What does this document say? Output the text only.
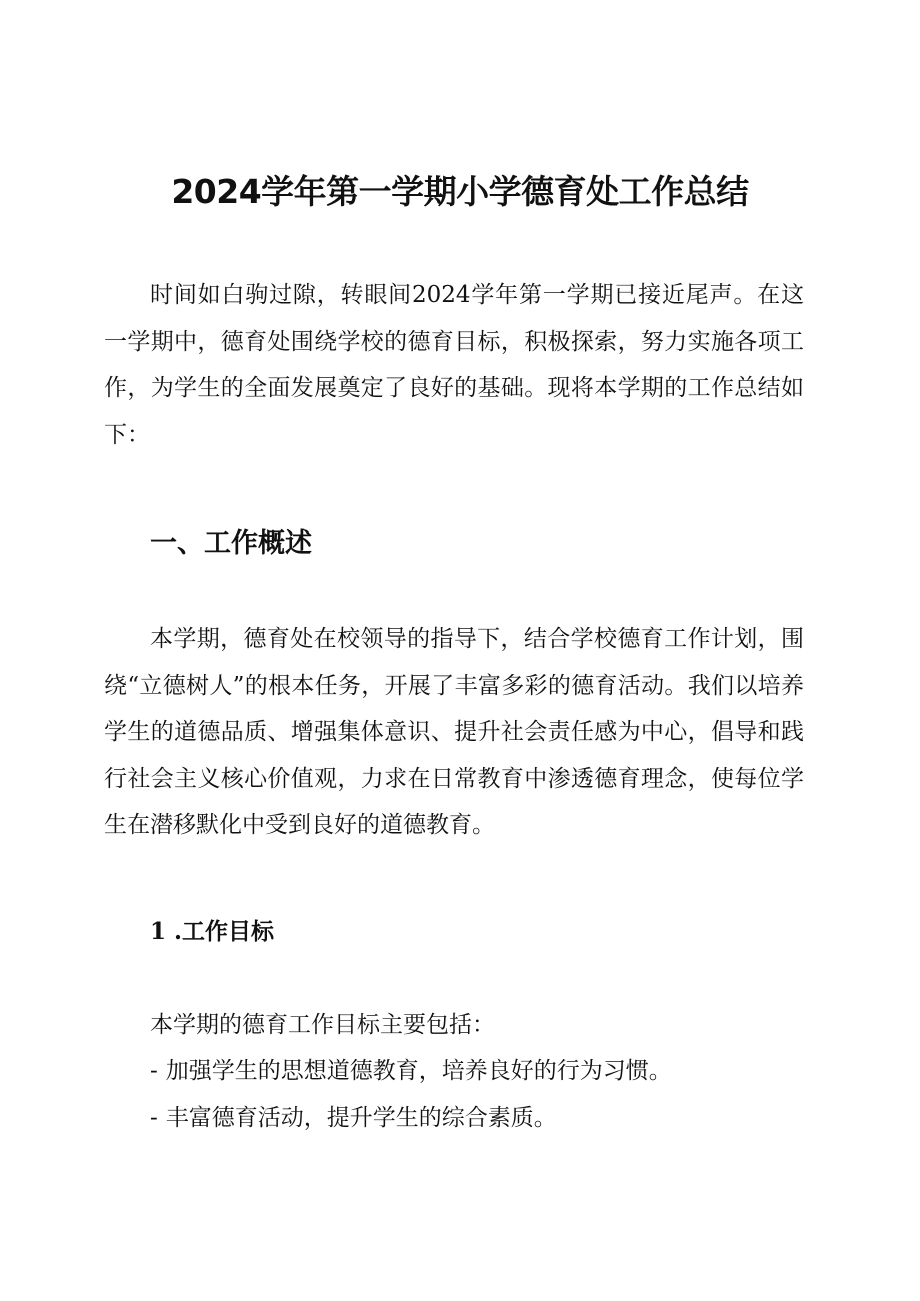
2024学年第一学期小学德育处工作总结

时间如白驹过隙，转眼间2024学年第一学期已接近尾声。在这一学期中，德育处围绕学校的德育目标，积极探索，努力实施各项工作，为学生的全面发展奠定了良好的基础。现将本学期的工作总结如下：

一、工作概述

本学期，德育处在校领导的指导下，结合学校德育工作计划，围绕“立德树人”的根本任务，开展了丰富多彩的德育活动。我们以培养学生的道德品质、增强集体意识、提升社会责任感为中心，倡导和践行社会主义核心价值观，力求在日常教育中渗透德育理念，使每位学生在潜移默化中受到良好的道德教育。

1 .工作目标

本学期的德育工作目标主要包括：

- 加强学生的思想道德教育，培养良好的行为习惯。

- 丰富德育活动，提升学生的综合素质。
